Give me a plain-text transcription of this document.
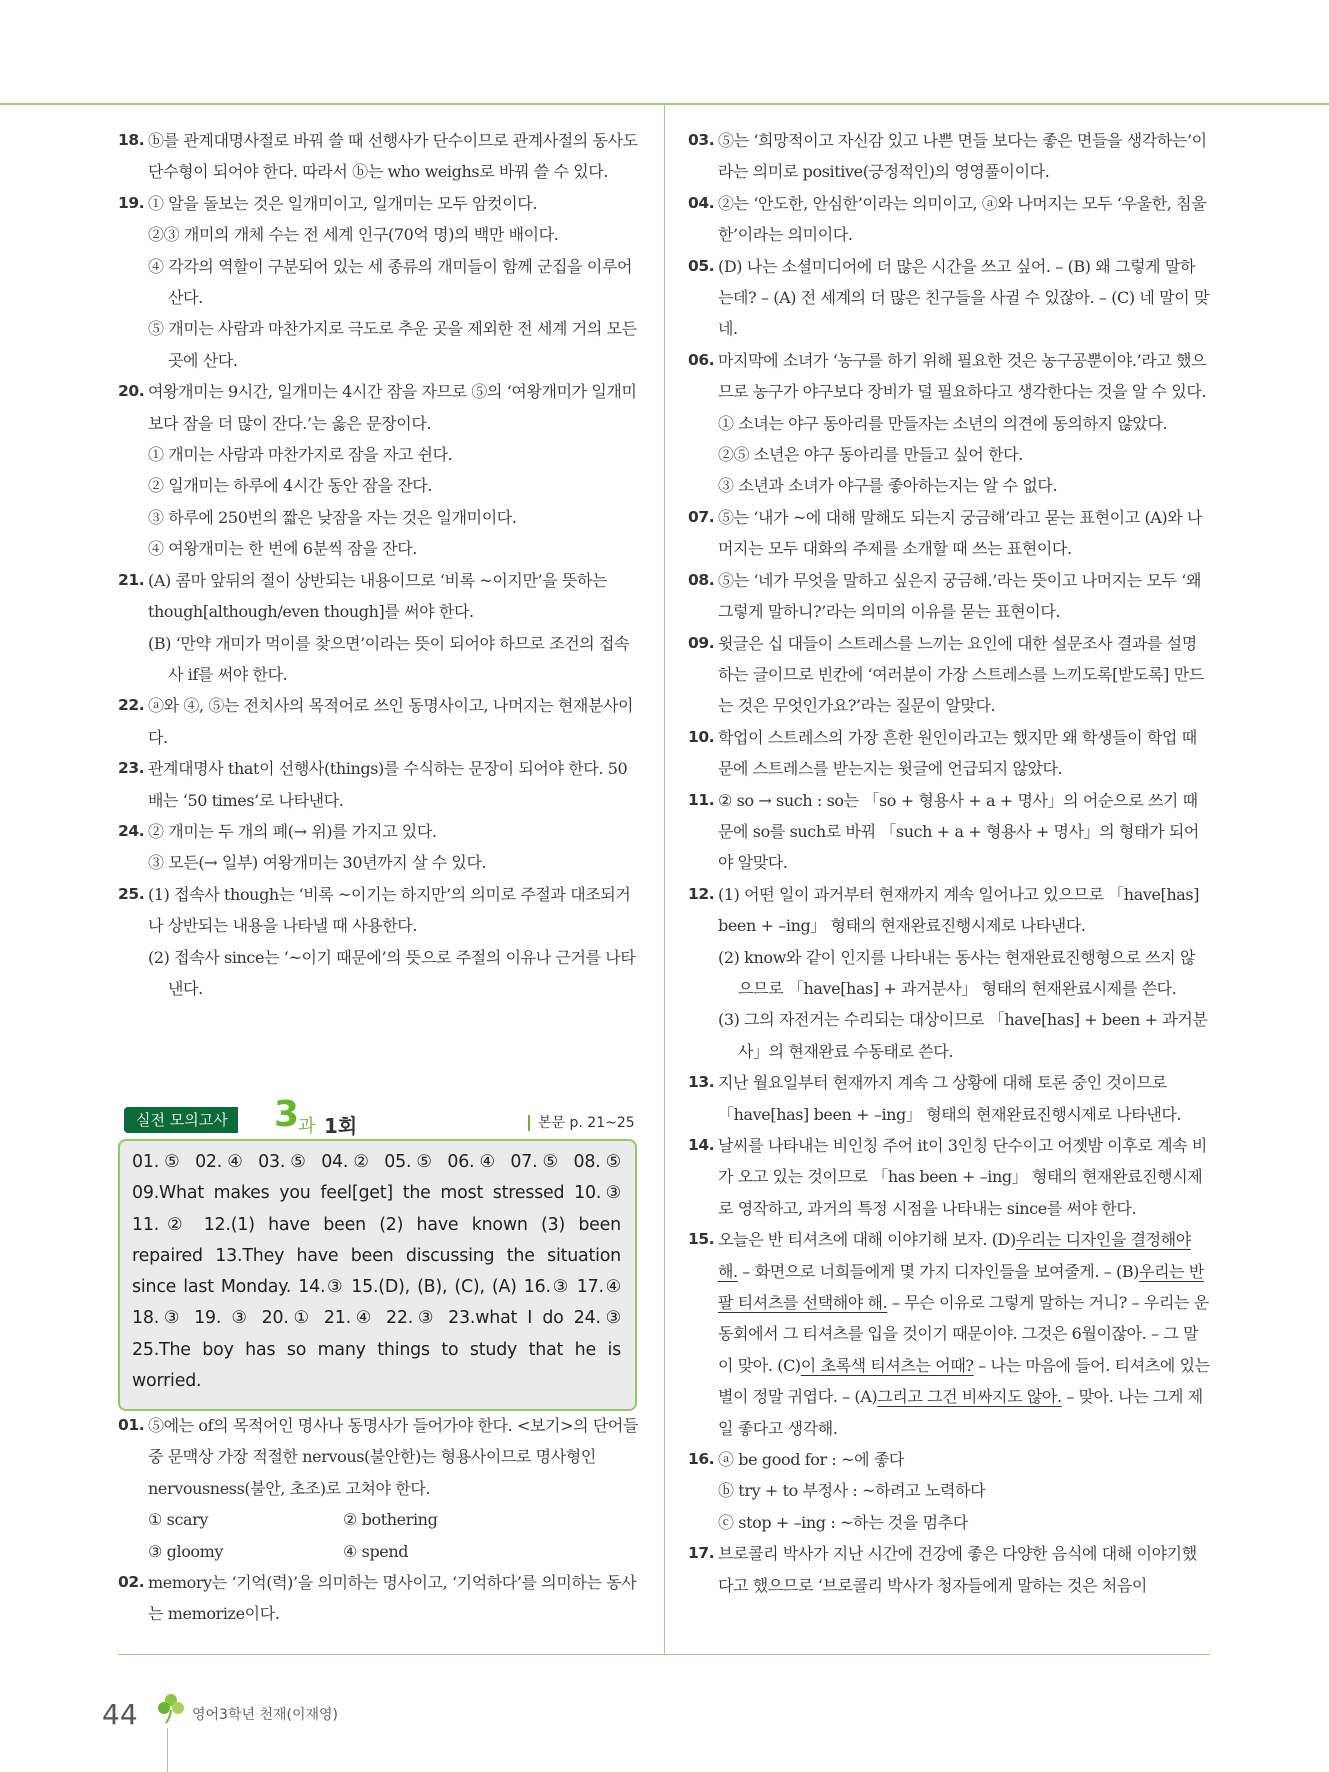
18. ⓑ를 관계대명사절로 바꿔 쓸 때 선행사가 단수이므로 관계사절의 동사도 단수형이 되어야 한다. 따라서 ⓑ는 who weighs로 바꿔 쓸 수 있다.
19. ① 알을 돌보는 것은 일개미이고, 일개미는 모두 암컷이다.
②③ 개미의 개체 수는 전 세계 인구(70억 명)의 백만 배이다.
④ 각각의 역할이 구분되어 있는 세 종류의 개미들이 함께 군집을 이루어 산다.
⑤ 개미는 사람과 마찬가지로 극도로 추운 곳을 제외한 전 세계 거의 모든 곳에 산다.
20. 여왕개미는 9시간, 일개미는 4시간 잠을 자므로 ⑤의 ‘여왕개미가 일개미보다 잠을 더 많이 잔다.’는 옳은 문장이다.
① 개미는 사람과 마찬가지로 잠을 자고 쉰다.
② 일개미는 하루에 4시간 동안 잠을 잔다.
③ 하루에 250번의 짧은 낮잠을 자는 것은 일개미이다.
④ 여왕개미는 한 번에 6분씩 잠을 잔다.
21. (A) 콤마 앞뒤의 절이 상반되는 내용이므로 ‘비록 ~이지만’을 뜻하는 though[although/even though]를 써야 한다.
(B) ‘만약 개미가 먹이를 찾으면’이라는 뜻이 되어야 하므로 조건의 접속사 if를 써야 한다.
22. ⓐ와 ④, ⑤는 전치사의 목적어로 쓰인 동명사이고, 나머지는 현재분사이다.
23. 관계대명사 that이 선행사(things)를 수식하는 문장이 되어야 한다. 50배는 ‘50 times’로 나타낸다.
24. ② 개미는 두 개의 폐(→ 위)를 가지고 있다.
③ 모든(→ 일부) 여왕개미는 30년까지 살 수 있다.
25. (1) 접속사 though는 ‘비록 ~이기는 하지만’의 의미로 주절과 대조되거나 상반되는 내용을 나타낼 때 사용한다.
(2) 접속사 since는 ‘~이기 때문에’의 뜻으로 주절의 이유나 근거를 나타낸다.
실전 모의고사 3
과 1회	본문 p. 21~25
01.⑤ 02.④ 03.⑤ 04.② 05.⑤ 06.④ 07.⑤ 08.⑤
09.What makes you feel[get] the most stressed 10.③
11.② 12.(1) have been (2) have known (3) been
repaired 13.They have been discussing the situation
since last Monday. 14.③ 15.(D), (B), (C), (A) 16.③ 17.④
18.③ 19. ③ 20.① 21.④ 22.③ 23.what I do 24.③
25.The boy has so many things to study that he is
worried.
01. ⑤에는 of의 목적어인 명사나 동명사가 들어가야 한다. <보기>의 단어들 중 문맥상 가장 적절한 nervous(불안한)는 형용사이므로 명사형인 nervousness(불안, 초조)로 고쳐야 한다.
① scary	② bothering
③ gloomy	④ spend
02. memory는 ‘기억(력)’을 의미하는 명사이고, ‘기억하다’를 의미하는 동사는 memorize이다.
03. ⑤는 ‘희망적이고 자신감 있고 나쁜 면들 보다는 좋은 면들을 생각하는’이라는 의미로 positive(긍정적인)의 영영풀이이다.
04. ②는 ‘안도한, 안심한’이라는 의미이고, ⓐ와 나머지는 모두 ‘우울한, 침울한’이라는 의미이다.
05. (D) 나는 소셜미디어에 더 많은 시간을 쓰고 싶어. – (B) 왜 그렇게 말하는데? – (A) 전 세계의 더 많은 친구들을 사귈 수 있잖아. – (C) 네 말이 맞네.
06. 마지막에 소녀가 ‘농구를 하기 위해 필요한 것은 농구공뿐이야.’라고 했으므로 농구가 야구보다 장비가 덜 필요하다고 생각한다는 것을 알 수 있다.
① 소녀는 야구 동아리를 만들자는 소년의 의견에 동의하지 않았다.
②⑤ 소년은 야구 동아리를 만들고 싶어 한다.
③ 소년과 소녀가 야구를 좋아하는지는 알 수 없다.
07. ⑤는 ‘내가 ~에 대해 말해도 되는지 궁금해’라고 묻는 표현이고 (A)와 나머지는 모두 대화의 주제를 소개할 때 쓰는 표현이다.
08. ⑤는 ‘네가 무엇을 말하고 싶은지 궁금해.’라는 뜻이고 나머지는 모두 ‘왜 그렇게 말하니?’라는 의미의 이유를 묻는 표현이다.
09. 윗글은 십 대들이 스트레스를 느끼는 요인에 대한 설문조사 결과를 설명하는 글이므로 빈칸에 ‘여러분이 가장 스트레스를 느끼도록[받도록] 만드는 것은 무엇인가요?’라는 질문이 알맞다.
10. 학업이 스트레스의 가장 흔한 원인이라고는 했지만 왜 학생들이 학업 때문에 스트레스를 받는지는 윗글에 언급되지 않았다.
11. ② so → such : so는 「so + 형용사 + a + 명사」의 어순으로 쓰기 때문에 so를 such로 바꿔 「such + a + 형용사 + 명사」의 형태가 되어야 알맞다.
12. (1) 어떤 일이 과거부터 현재까지 계속 일어나고 있으므로 「have[has] been + –ing」 형태의 현재완료진행시제로 나타낸다.
(2) know와 같이 인지를 나타내는 동사는 현재완료진행형으로 쓰지 않으므로 「have[has] + 과거분사」 형태의 현재완료시제를 쓴다.
(3) 그의 자전거는 수리되는 대상이므로 「have[has] + been + 과거분사」의 현재완료 수동태로 쓴다.
13. 지난 월요일부터 현재까지 계속 그 상황에 대해 토론 중인 것이므로 「have[has] been + –ing」 형태의 현재완료진행시제로 나타낸다.
14. 날씨를 나타내는 비인칭 주어 it이 3인칭 단수이고 어젯밤 이후로 계속 비가 오고 있는 것이므로 「has been + –ing」 형태의 현재완료진행시제로 영작하고, 과거의 특정 시점을 나타내는 since를 써야 한다.
15. 오늘은 반 티셔츠에 대해 이야기해 보자. (D)우리는 디자인을 결정해야 해. – 화면으로 너희들에게 몇 가지 디자인들을 보여줄게. – (B)우리는 반팔 티셔츠를 선택해야 해. – 무슨 이유로 그렇게 말하는 거니? – 우리는 운동회에서 그 티셔츠를 입을 것이기 때문이야. 그것은 6월이잖아. – 그 말이 맞아. (C)이 초록색 티셔츠는 어때? – 나는 마음에 들어. 티셔츠에 있는 별이 정말 귀엽다. – (A)그리고 그건 비싸지도 않아. – 맞아. 나는 그게 제일 좋다고 생각해.
16. ⓐ be good for : ~에 좋다
ⓑ try + to 부정사 : ~하려고 노력하다
ⓒ stop + –ing : ~하는 것을 멈추다
17. 브로콜리 박사가 지난 시간에 건강에 좋은 다양한 음식에 대해 이야기했다고 했으므로 ‘브로콜리 박사가 청자들에게 말하는 것은 처음이
44	영어3학년 천재(이재영)
